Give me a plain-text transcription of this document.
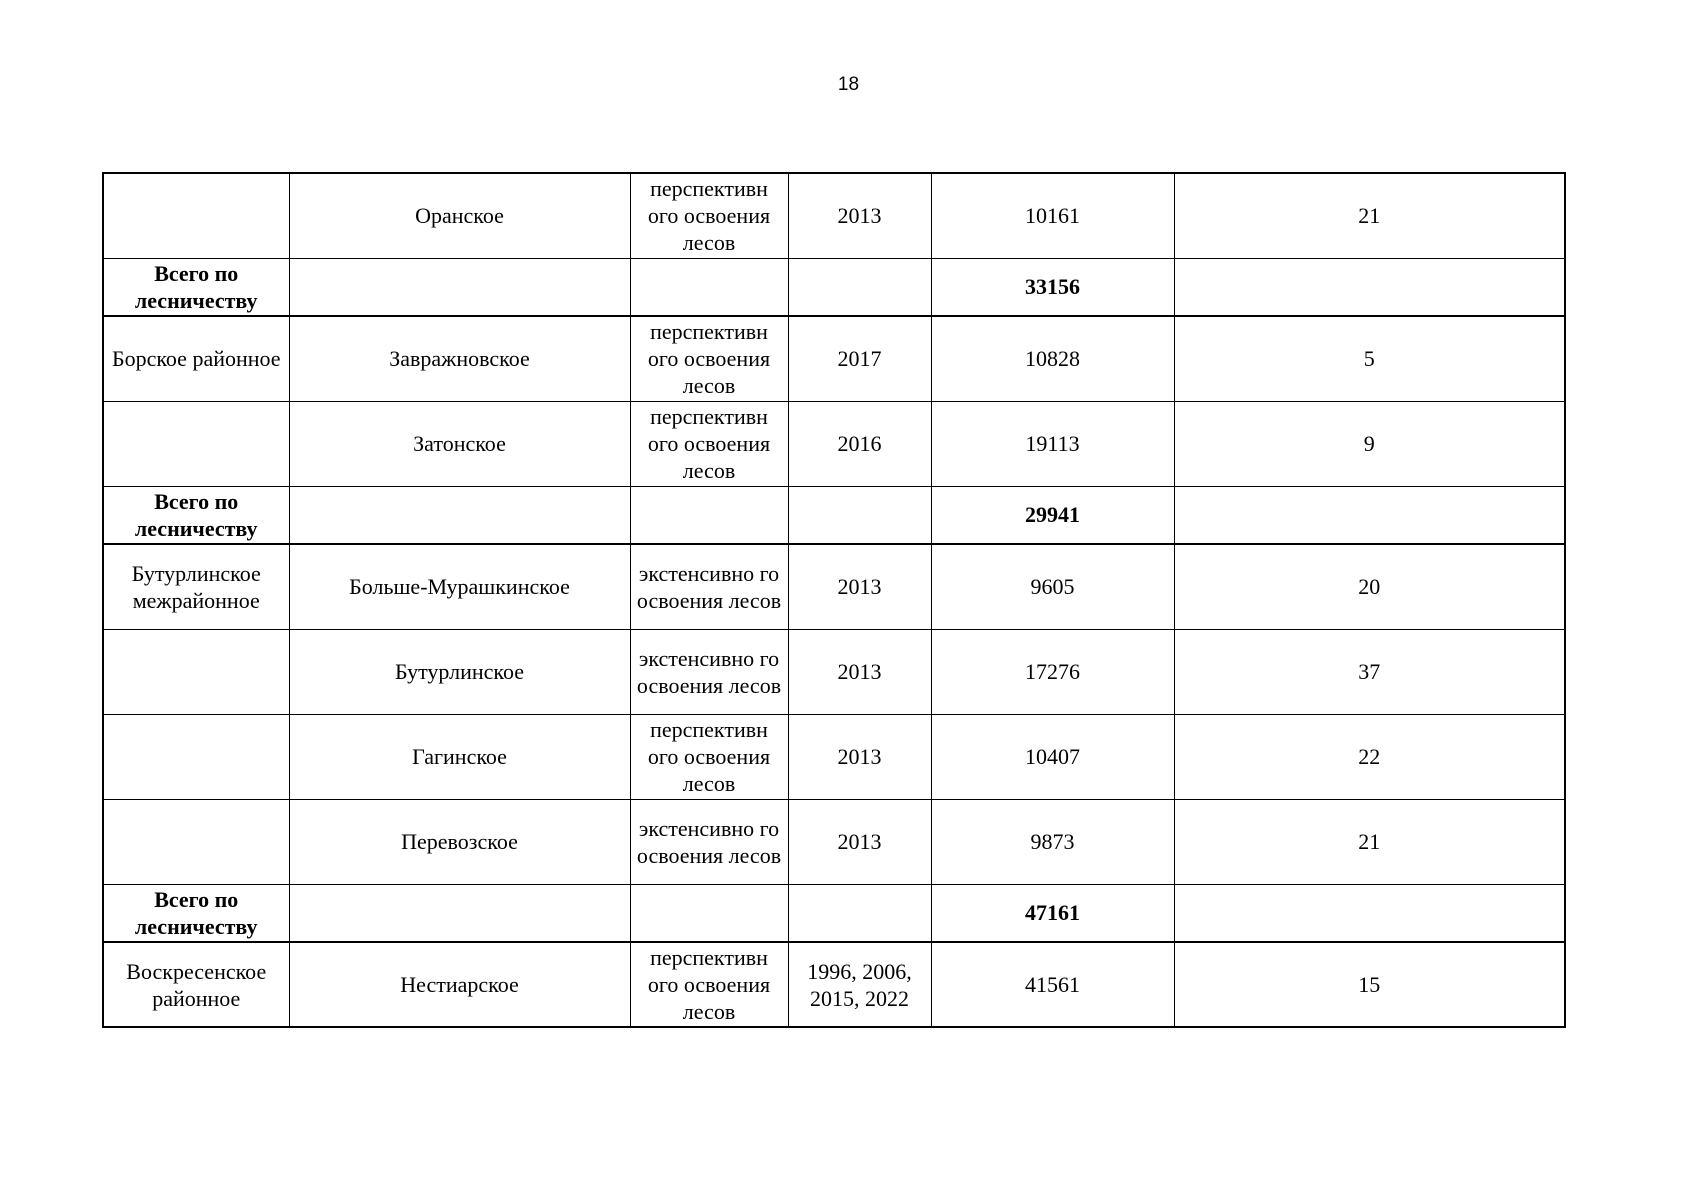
18
	Оранское	перспективн ого освоения лесов	2013	10161	21
Всего по лесничеству				33156	
Борское районное	Завражновское	перспективн ого освоения лесов	2017	10828	5
	Затонское	перспективн ого освоения лесов	2016	19113	9
Всего по лесничеству				29941	
Бутурлинское межрайонное	Больше-Мурашкинское	экстенсивно го освоения лесов	2013	9605	20
	Бутурлинское	экстенсивно го освоения лесов	2013	17276	37
	Гагинское	перспективн ого освоения лесов	2013	10407	22
	Перевозское	экстенсивно го освоения лесов	2013	9873	21
Всего по лесничеству				47161	
Воскресенское районное	Нестиарское	перспективн ого освоения лесов	1996, 2006, 2015, 2022	41561	15
